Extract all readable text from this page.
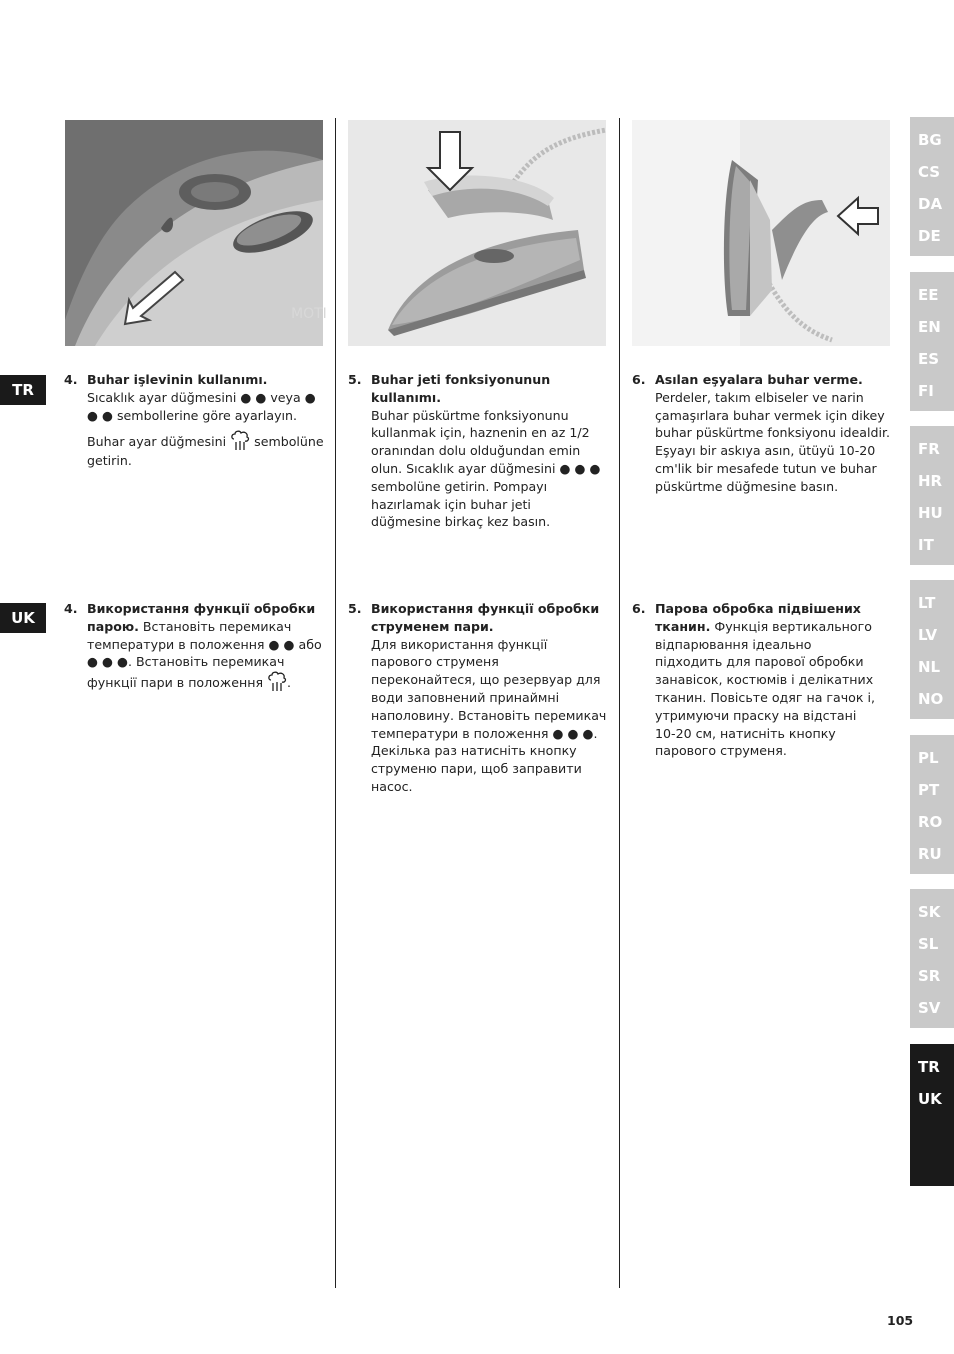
MOTI
TR
UK
4. Buhar işlevinin kullanımı.

Sıcaklık ayar düğmesini ● ● veya ● ● ● sembollerine göre ayarlayın.

Buhar ayar düğmesini sembolüne getirin.

5. Buhar jeti fonksiyonunun kullanımı.

Buhar püskürtme fonksiyonunu kullanmak için, haznenin en az 1/2 oranından dolu olduğundan emin olun. Sıcaklık ayar düğmesini ● ● ● sembolüne getirin. Pompayı hazırlamak için buhar jeti düğmesine birkaç kez basın.

6. Asılan eşyalara buhar verme.

Perdeler, takım elbiseler ve narin çamaşırlara buhar vermek için dikey buhar püskürtme fonksiyonu idealdir. Eşyayı bir askıya asın, ütüyü 10-20 cm'lik bir mesafede tutun ve buhar püskürtme düğmesine basın.

4. Використання функції обробки парою. Встановіть перемикач температури в положення ● ● або ● ● ●. Встановіть перемикач функції пари в положення .

5. Використання функції обробки струменем пари.

Для використання функції парового струменя переконайтеся, що резервуар для води заповнений принаймні наполовину. Встановіть перемикач температури в положення ● ● ●. Декілька раз натисніть кнопку струменю пари, щоб заправити насос.

6. Парова обробка підвішених тканин. Функція вертикального відпарювання ідеально підходить для парової обробки занавісок, костюмів і делікатних тканин. Повісьте одяг на гачок і, утримуючи праску на відстані 10-20 см, натисніть кнопку парового струменя.

BG
CS
DA
DE
EE
EN
ES
FI
FR
HR
HU
IT
LT
LV
NL
NO
PL
PT
RO
RU
SK
SL
SR
SV
TR
UK
105
